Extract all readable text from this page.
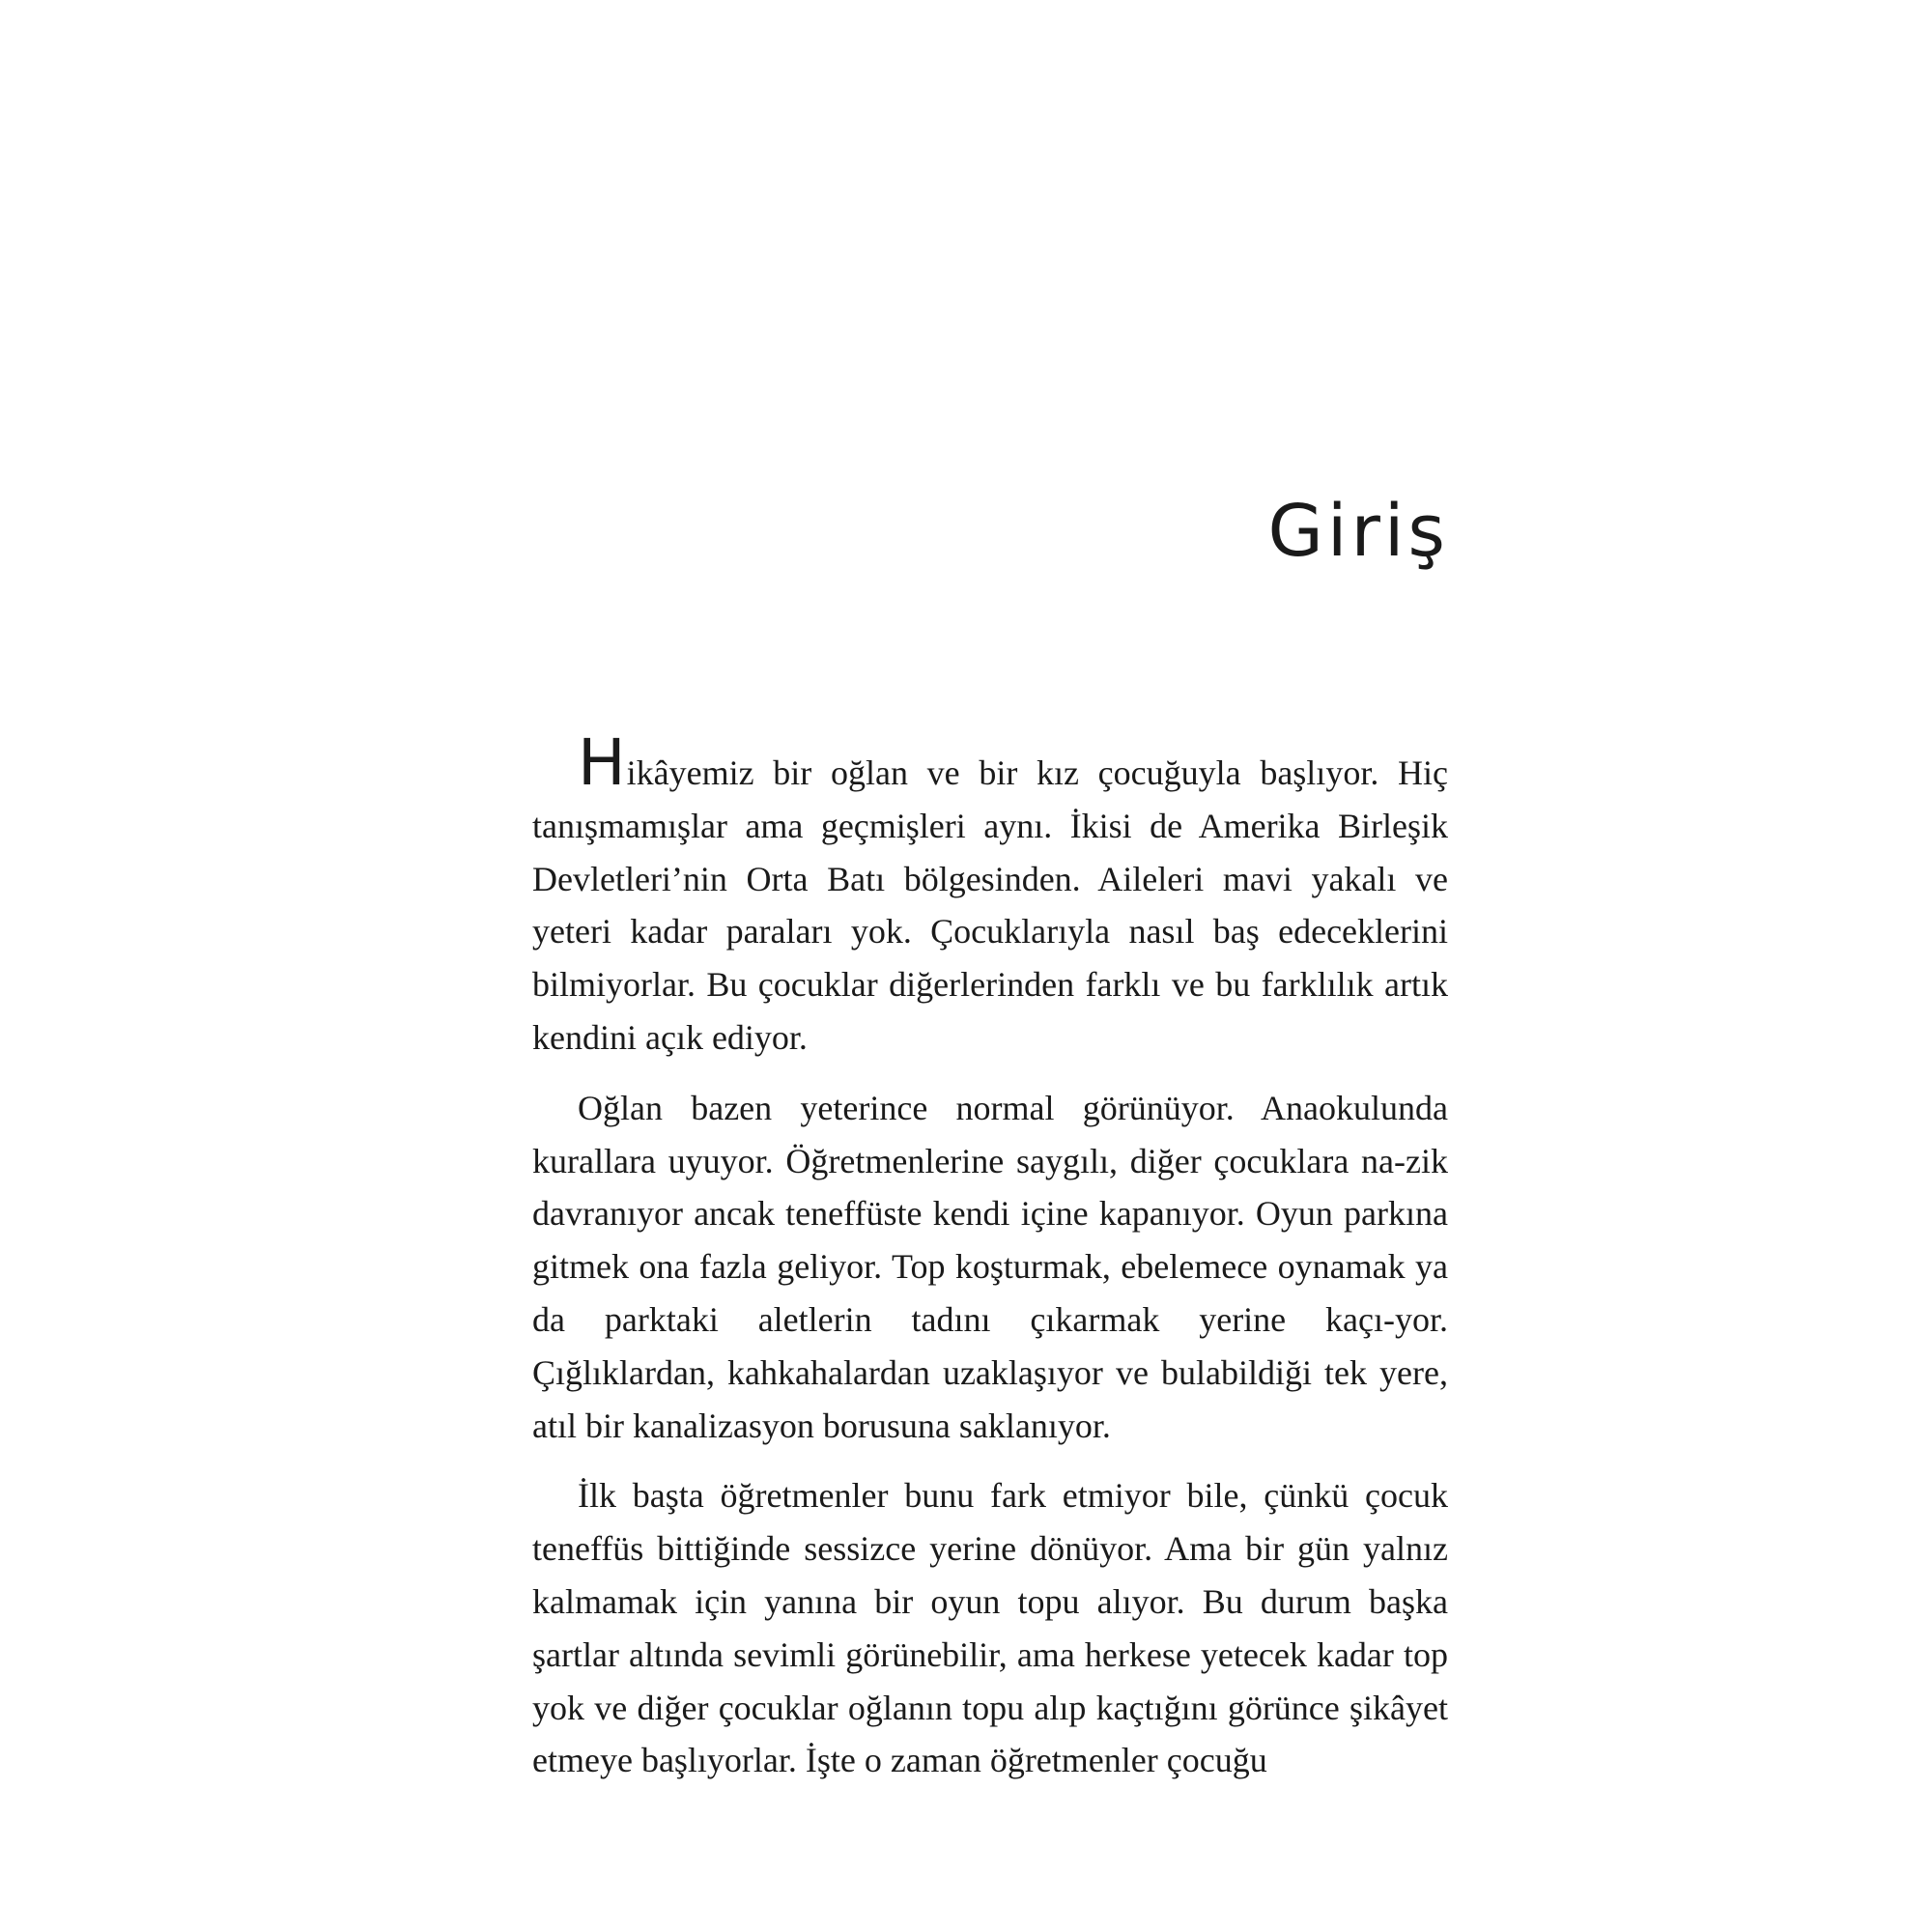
Giriş

Hikâyemiz bir oğlan ve bir kız çocuğuyla başlıyor. Hiç tanışmamışlar ama geçmişleri aynı. İkisi de Amerika Birleşik Devletleri’nin Orta Batı bölgesinden. Aileleri mavi yakalı ve yeteri kadar paraları yok. Çocuklarıyla nasıl baş edeceklerini bilmiyorlar. Bu çocuklar diğerlerinden farklı ve bu farklılık artık kendini açık ediyor.

Oğlan bazen yeterince normal görünüyor. Anaokulunda kurallara uyuyor. Öğretmenlerine saygılı, diğer çocuklara na-zik davranıyor ancak teneffüste kendi içine kapanıyor. Oyun parkına gitmek ona fazla geliyor. Top koşturmak, ebelemece oynamak ya da parktaki aletlerin tadını çıkarmak yerine kaçı-yor. Çığlıklardan, kahkahalardan uzaklaşıyor ve bulabildiği tek yere, atıl bir kanalizasyon borusuna saklanıyor.

İlk başta öğretmenler bunu fark etmiyor bile, çünkü çocuk teneffüs bittiğinde sessizce yerine dönüyor. Ama bir gün yalnız kalmamak için yanına bir oyun topu alıyor. Bu durum başka şartlar altında sevimli görünebilir, ama herkese yetecek kadar top yok ve diğer çocuklar oğlanın topu alıp kaçtığını görünce şikâyet etmeye başlıyorlar. İşte o zaman öğretmenler çocuğu
